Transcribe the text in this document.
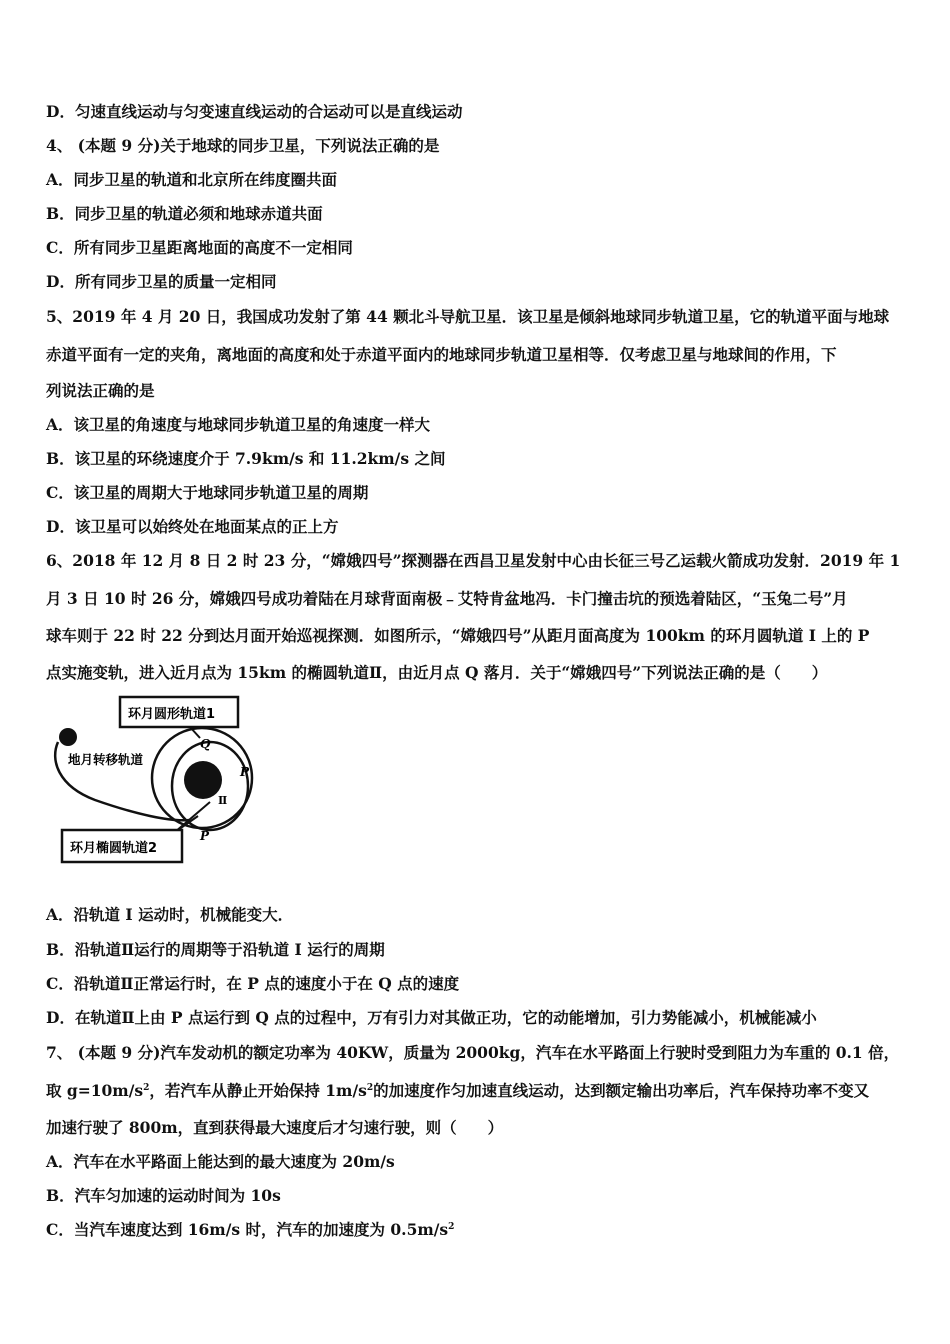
D．匀速直线运动与匀变速直线运动的合运动可以是直线运动
4、 (本题 9 分)关于地球的同步卫星，下列说法正确的是
A．同步卫星的轨道和北京所在纬度圈共面
B．同步卫星的轨道必须和地球赤道共面
C．所有同步卫星距离地面的高度不一定相同
D．所有同步卫星的质量一定相同
5、2019 年 4 月 20 日，我国成功发射了第 44 颗北斗导航卫星．该卫星是倾斜地球同步轨道卫星，它的轨道平面与地球
赤道平面有一定的夹角，离地面的高度和处于赤道平面内的地球同步轨道卫星相等．仅考虑卫星与地球间的作用，下
列说法正确的是
A．该卫星的角速度与地球同步轨道卫星的角速度一样大
B．该卫星的环绕速度介于 7.9km/s 和 11.2km/s 之间
C．该卫星的周期大于地球同步轨道卫星的周期
D．该卫星可以始终处在地面某点的正上方
6、2018 年 12 月 8 日 2 时 23 分，“嫦娥四号”探测器在西昌卫星发射中心由长征三号乙运载火箭成功发射．2019 年 1
月 3 日 10 时 26 分，嫦娥四号成功着陆在月球背面南极﹣艾特肯盆地冯．卡门撞击坑的预选着陆区，“玉兔二号”月
球车则于 22 时 22 分到达月面开始巡视探测．如图所示，“嫦娥四号”从距月面高度为 100km 的环月圆轨道 I 上的 P
点实施变轨，进入近月点为 15km 的椭圆轨道Ⅱ，由近月点 Q 落月．关于“嫦娥四号”下列说法正确的是（　　）
环月圆形轨道1
地月转移轨道
Q
P
Ⅱ
P
环月椭圆轨道2
A．沿轨道 I 运动时，机械能变大．
B．沿轨道Ⅱ运行的周期等于沿轨道 I 运行的周期
C．沿轨道Ⅱ正常运行时，在 P 点的速度小于在 Q 点的速度
D．在轨道Ⅱ上由 P 点运行到 Q 点的过程中，万有引力对其做正功，它的动能增加，引力势能减小，机械能减小
7、 (本题 9 分)汽车发动机的额定功率为 40KW，质量为 2000kg，汽车在水平路面上行驶时受到阻力为车重的 0.1 倍，
取 $g=10m/s^2$，若汽车从静止开始保持 $1m/s^2$的加速度作匀加速直线运动，达到额定输出功率后，汽车保持功率不变又
加速行驶了 800m，直到获得最大速度后才匀速行驶，则（　　）
A．汽车在水平路面上能达到的最大速度为 20m/s
B．汽车匀加速的运动时间为 10s
C．当汽车速度达到 16m/s 时，汽车的加速度为 $0.5m/s^2$
